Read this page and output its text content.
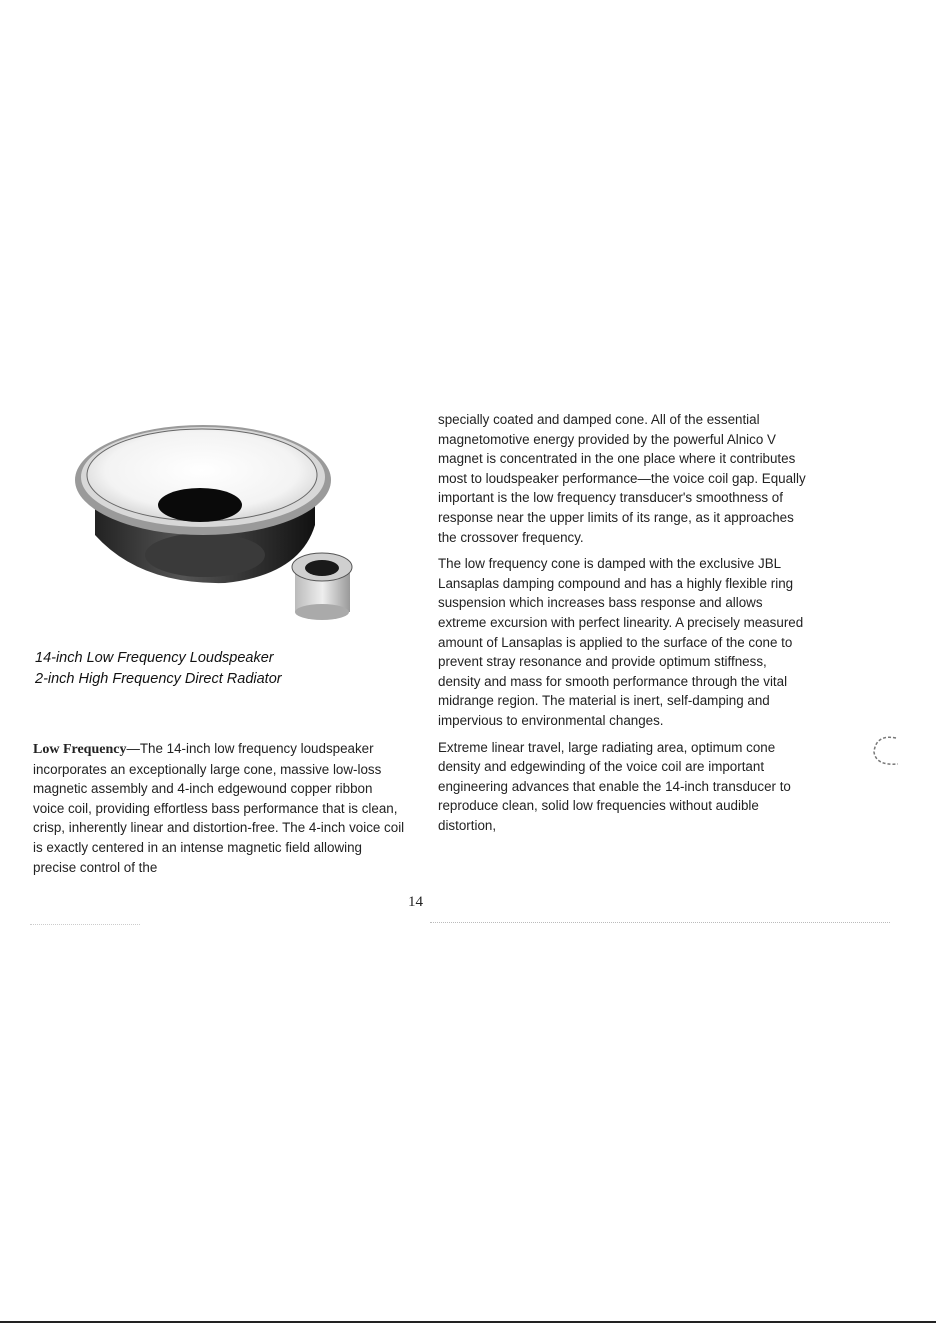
14-inch Low Frequency Loudspeaker
2-inch High Frequency Direct Radiator
Low Frequency—The 14-inch low frequency loudspeaker incorporates an exceptionally large cone, massive low-loss magnetic assembly and 4-inch edgewound copper ribbon voice coil, providing effortless bass performance that is clean, crisp, inherently linear and distortion-free. The 4-inch voice coil is exactly centered in an intense magnetic field allowing precise control of the

specially coated and damped cone. All of the essential magnetomotive energy provided by the powerful Alnico V magnet is concentrated in the one place where it contributes most to loudspeaker performance—the voice coil gap. Equally important is the low frequency transducer's smoothness of response near the upper limits of its range, as it approaches the crossover frequency.

The low frequency cone is damped with the exclusive JBL Lansaplas damping compound and has a highly flexible ring suspension which increases bass response and allows extreme excursion with perfect linearity. A precisely measured amount of Lansaplas is applied to the surface of the cone to prevent stray resonance and provide optimum stiffness, density and mass for smooth performance through the vital midrange region. The material is inert, self-damping and impervious to environmental changes.

Extreme linear travel, large radiating area, optimum cone density and edgewinding of the voice coil are important engineering advances that enable the 14-inch transducer to reproduce clean, solid low frequencies without audible distortion,

14
